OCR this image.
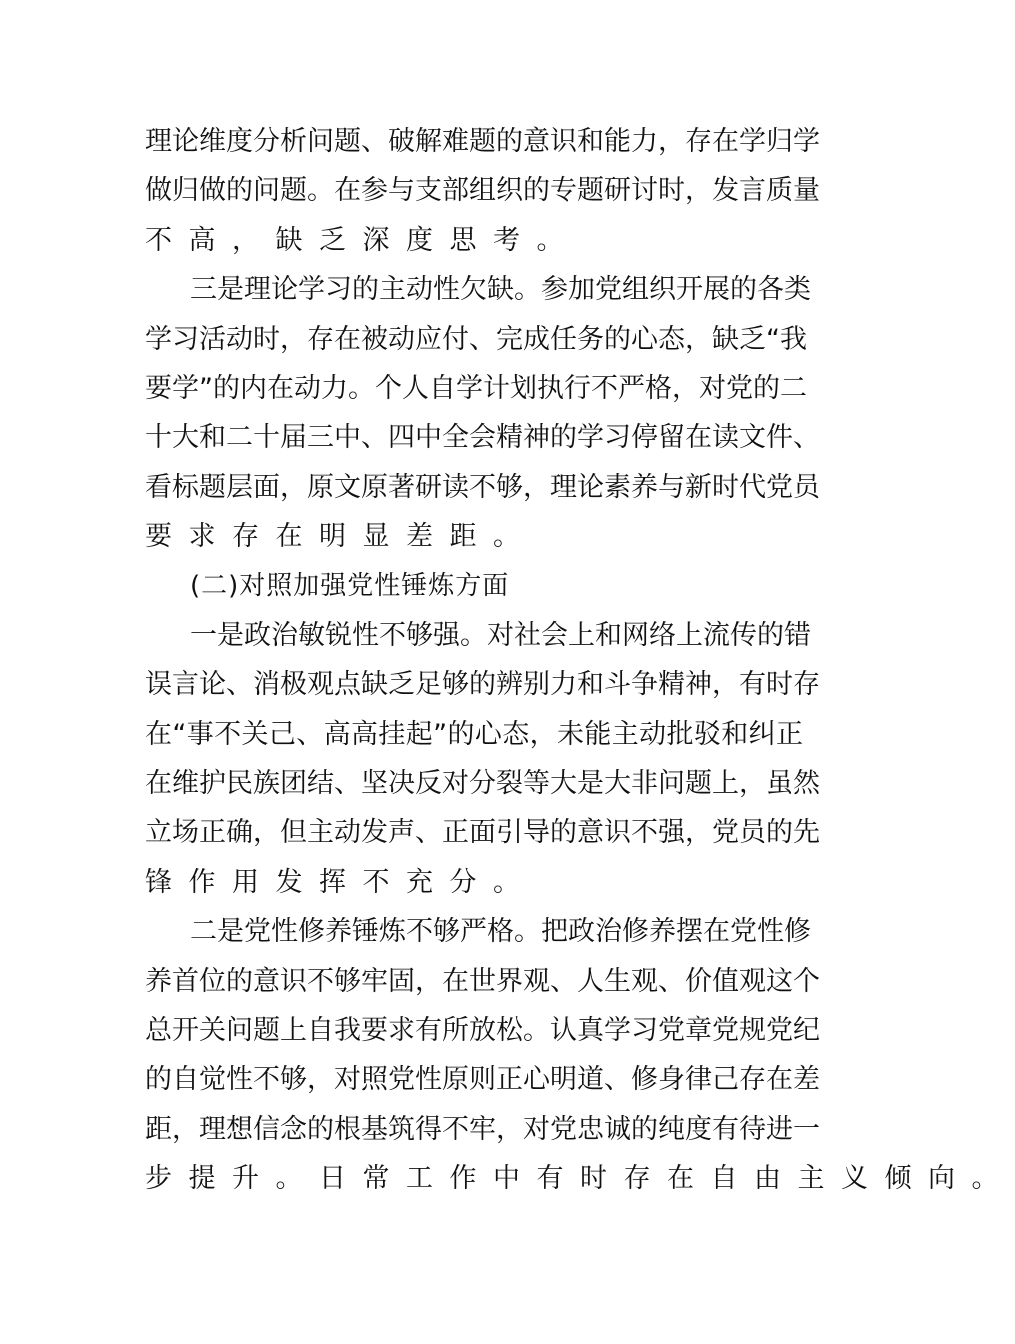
理论维度分析问题、破解难题的意识和能力，存在学归学
做归做的问题。在参与支部组织的专题研讨时，发言质量
不高，缺乏深度思考。
三是理论学习的主动性欠缺。参加党组织开展的各类
学习活动时，存在被动应付、完成任务的心态，缺乏“我
要学”的内在动力。个人自学计划执行不严格，对党的二
十大和二十届三中、四中全会精神的学习停留在读文件、
看标题层面，原文原著研读不够，理论素养与新时代党员
要求存在明显差距。
(二)对照加强党性锤炼方面
一是政治敏锐性不够强。对社会上和网络上流传的错
误言论、消极观点缺乏足够的辨别力和斗争精神，有时存
在“事不关己、高高挂起”的心态，未能主动批驳和纠正
在维护民族团结、坚决反对分裂等大是大非问题上，虽然
立场正确，但主动发声、正面引导的意识不强，党员的先
锋作用发挥不充分。
二是党性修养锤炼不够严格。把政治修养摆在党性修
养首位的意识不够牢固，在世界观、人生观、价值观这个
总开关问题上自我要求有所放松。认真学习党章党规党纪
的自觉性不够，对照党性原则正心明道、修身律己存在差
距，理想信念的根基筑得不牢，对党忠诚的纯度有待进一
步提升。日常工作中有时存在自由主义倾向。
